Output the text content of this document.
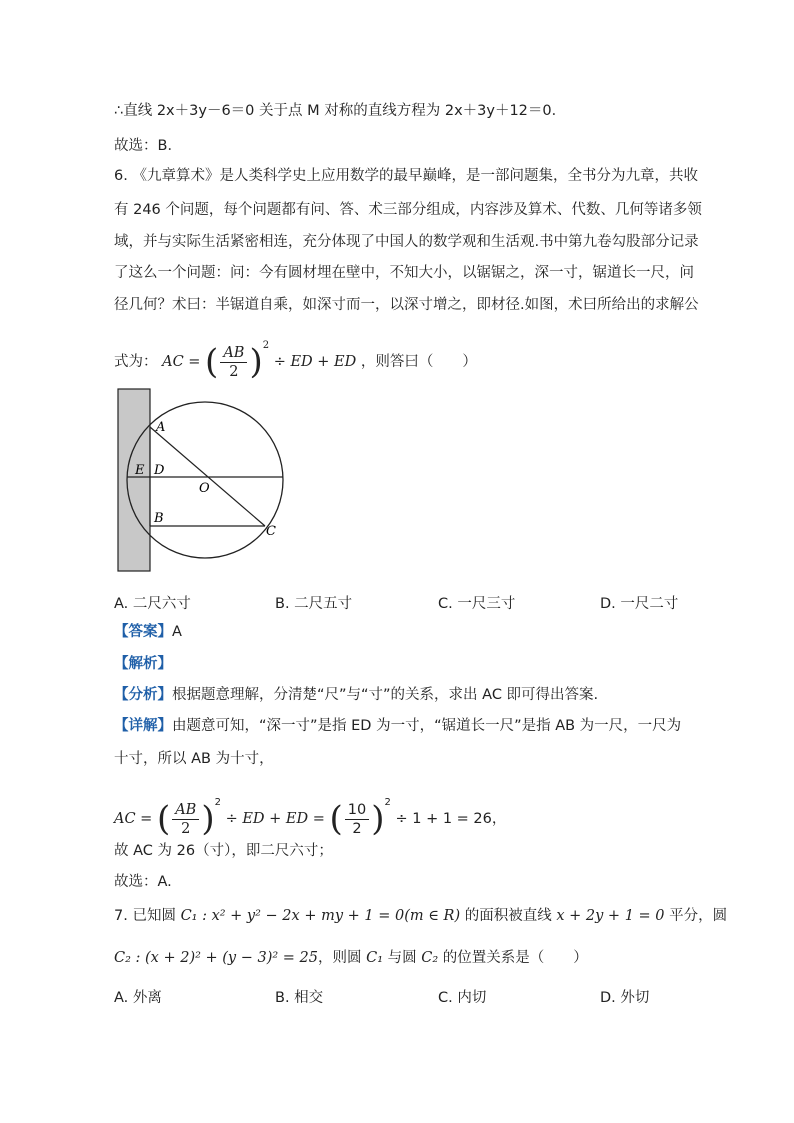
∴直线 2x＋3y－6＝0 关于点 M 对称的直线方程为 2x＋3y＋12＝0．
故选：B．
6. 《九章算术》是人类科学史上应用数学的最早巅峰，是一部问题集，全书分为九章，共收
有 246 个问题，每个问题都有问、答、术三部分组成，内容涉及算术、代数、几何等诸多领
域，并与实际生活紧密相连，充分体现了中国人的数学观和生活观.书中第九卷勾股部分记录
了这么一个问题：问：今有圆材埋在壁中，不知大小，以锯锯之，深一寸，锯道长一尺，问
径几何？术曰：半锯道自乘，如深寸而一，以深寸增之，即材径.如图，术曰所给出的求解公
式为： AC = ( $\frac{AB}{2} )^2$ ÷ ED + ED ，则答曰（　　）
A
E D
O
B
C
A. 二尺六寸	B. 二尺五寸	C. 一尺三寸	D. 一尺二寸
【答案】A
【解析】
【分析】根据题意理解，分清楚“尺”与“寸”的关系，求出 AC 即可得出答案.
【详解】由题意可知，“深一寸”是指 ED 为一寸，“锯道长一尺”是指 AB 为一尺，一尺为
十寸，所以 AB 为十寸，
AC = ( $\frac{AB}{2} )^2$ ÷ ED + ED = ( $\frac{10}{2} )^2 \div 1 + 1 = 26$，
故 AC 为 26（寸），即二尺六寸；
故选：A.
7. 已知圆 C₁ : x² + y² − 2x + my + 1 = 0(m ∈ R) 的面积被直线 x + 2y + 1 = 0 平分，圆
C₂ : (x + 2)² + (y − 3)² = 25，则圆 C₁ 与圆 C₂ 的位置关系是（　　）
A. 外离	B. 相交	C. 内切	D. 外切
